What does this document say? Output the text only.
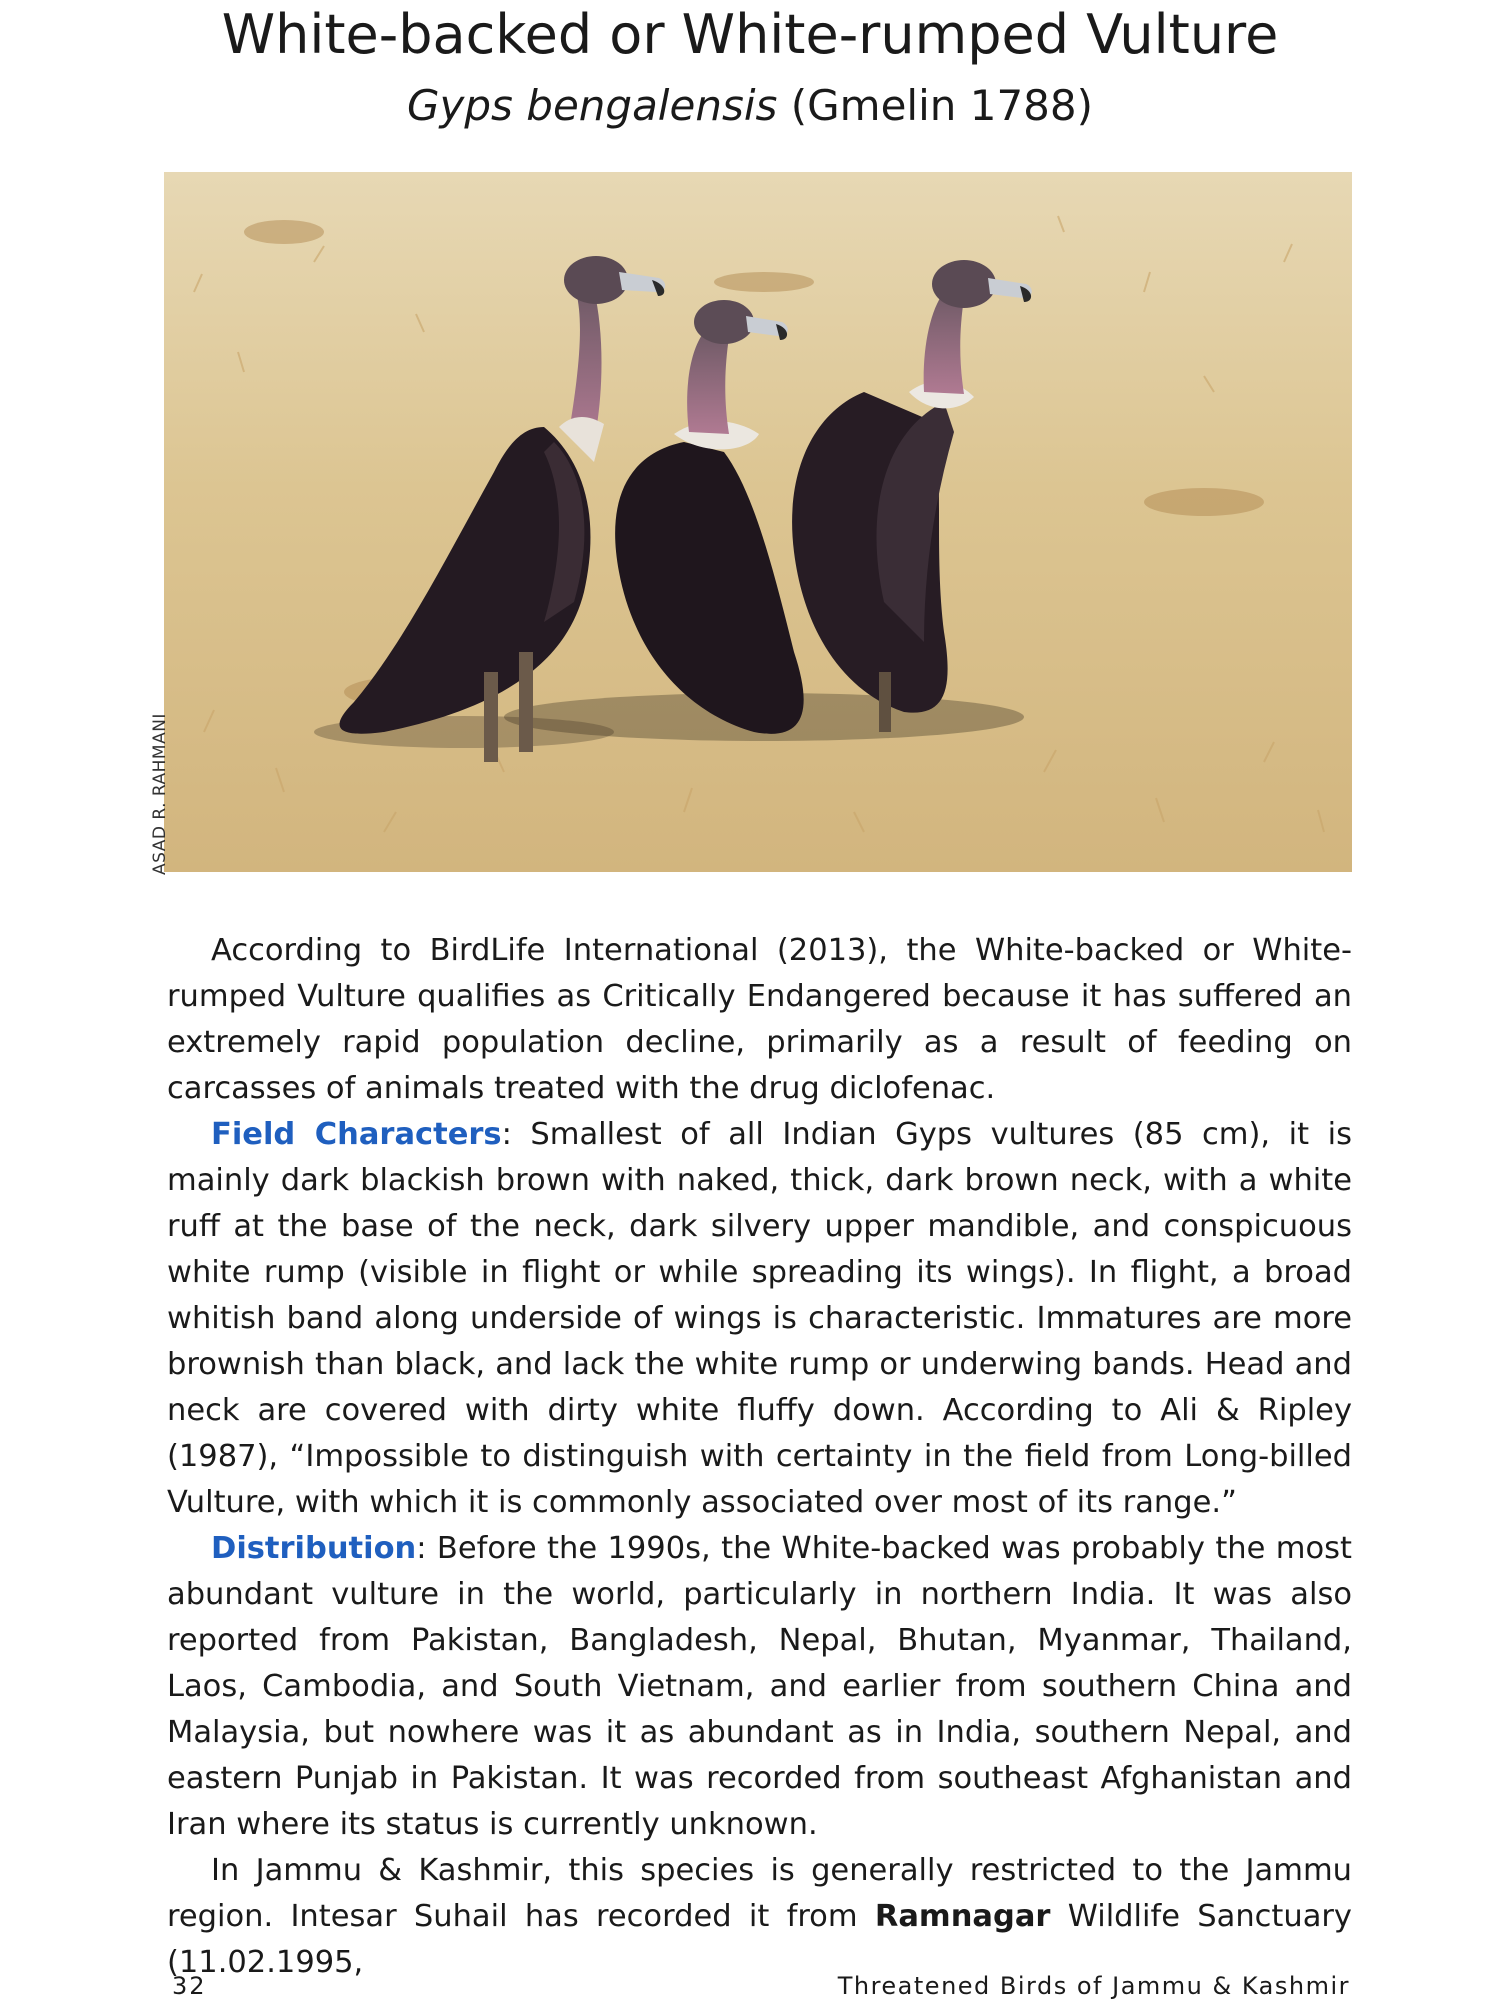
White-backed or White-rumped Vulture
Gyps bengalensis (Gmelin 1788)
ASAD R. RAHMANI

According to BirdLife International (2013), the White-backed or White-rumped Vulture qualifies as Critically Endangered because it has suffered an extremely rapid population decline, primarily as a result of feeding on carcasses of animals treated with the drug diclofenac.

Field Characters: Smallest of all Indian Gyps vultures (85 cm), it is mainly dark blackish brown with naked, thick, dark brown neck, with a white ruff at the base of the neck, dark silvery upper mandible, and conspicuous white rump (visible in flight or while spreading its wings). In flight, a broad whitish band along underside of wings is characteristic. Immatures are more brownish than black, and lack the white rump or underwing bands. Head and neck are covered with dirty white fluffy down. According to Ali & Ripley (1987), “Impossible to distinguish with certainty in the field from Long-billed Vulture, with which it is commonly associated over most of its range.”

Distribution: Before the 1990s, the White-backed was probably the most abundant vulture in the world, particularly in northern India. It was also reported from Pakistan, Bangladesh, Nepal, Bhutan, Myanmar, Thailand, Laos, Cambodia, and South Vietnam, and earlier from southern China and Malaysia, but nowhere was it as abundant as in India, southern Nepal, and eastern Punjab in Pakistan. It was recorded from southeast Afghanistan and Iran where its status is currently unknown.

In Jammu & Kashmir, this species is generally restricted to the Jammu region. Intesar Suhail has recorded it from Ramnagar Wildlife Sanctuary (11.02.1995,

32	Threatened Birds of Jammu & Kashmir
